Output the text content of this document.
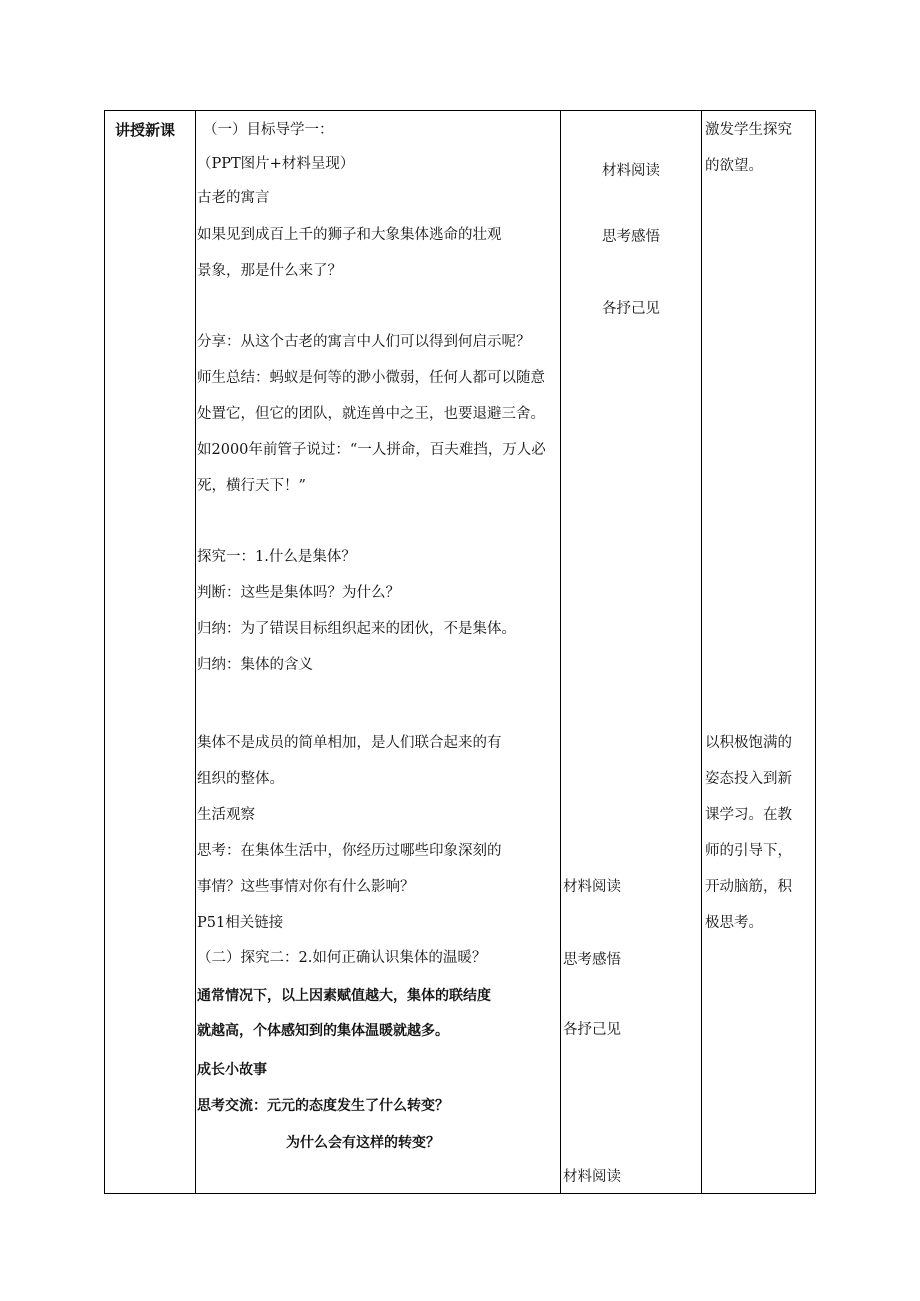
讲授新课 （一）目标导学一：
（PPT图片+材料呈现）
古老的寓言
如果见到成百上千的狮子和大象集体逃命的壮观
景象，那是什么来了？
分享：从这个古老的寓言中人们可以得到何启示呢？
师生总结：蚂蚁是何等的渺小微弱，任何人都可以随意
处置它，但它的团队，就连兽中之王，也要退避三舍。
如2000年前管子说过：“一人拼命，百夫难挡，万人必
死，横行天下！”
探究一：1.什么是集体？
判断：这些是集体吗？为什么？
归纳：为了错误目标组织起来的团伙，不是集体。
归纳：集体的含义
集体不是成员的简单相加，是人们联合起来的有
组织的整体。
生活观察
思考：在集体生活中，你经历过哪些印象深刻的
事情？这些事情对你有什么影响？
P51相关链接
（二）探究二：2.如何正确认识集体的温暖？
通常情况下，以上因素赋值越大，集体的联结度
就越高，个体感知到的集体温暖就越多。
成长小故事
思考交流：元元的态度发生了什么转变？
为什么会有这样的转变？
材料阅读
思考感悟
各抒己见
材料阅读
思考感悟
各抒己见
材料阅读
激发学生探究
的欲望。
以积极饱满的
姿态投入到新
课学习。在教
师的引导下，
开动脑筋，积
极思考。
